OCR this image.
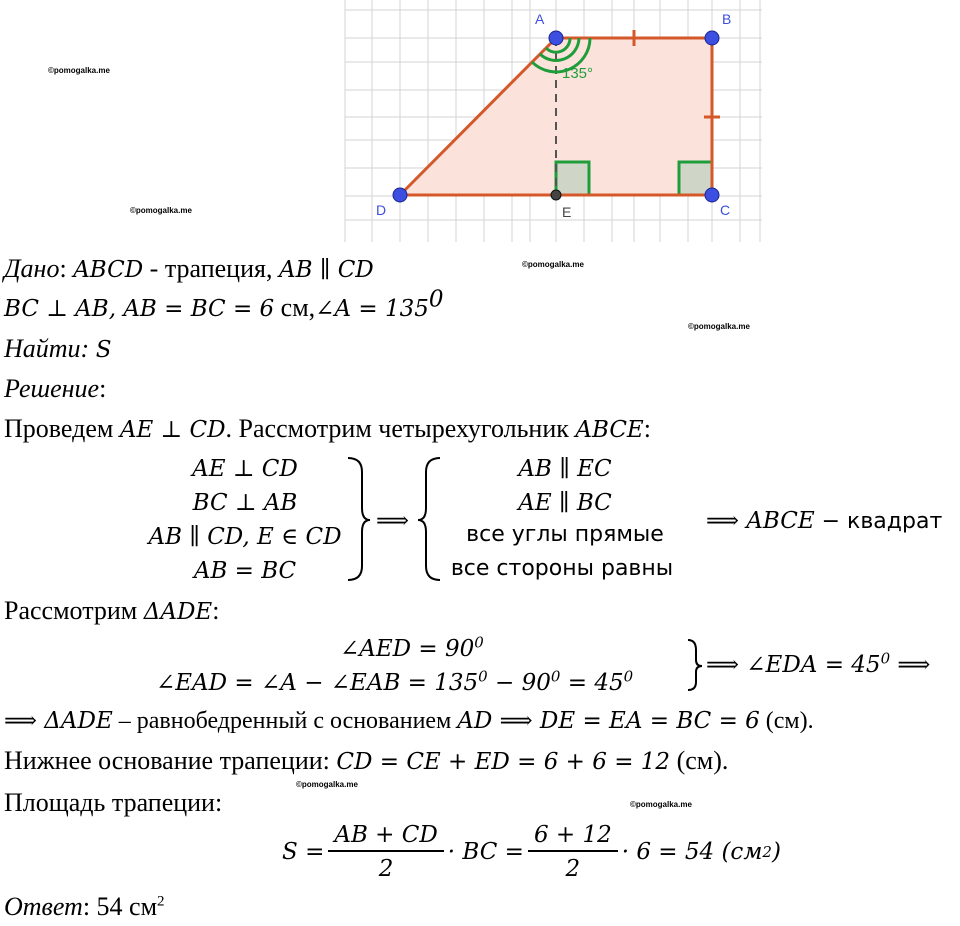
A	B
C
D	E
135°
©pomogalka.me
©pomogalka.me
©pomogalka.me
©pomogalka.me
©pomogalka.me
©pomogalka.me
Дано: ABCD - трапеция, AB ∥ CD
BC ⊥ AB, AB = BC = 6 см,∠A = $135^0$
Найти: S
Решение:
Проведем AE ⊥ CD. Рассмотрим четырехугольник ABCE:
AE ⊥ CD
BC ⊥ AB
AB ∥ CD, E ∈ CD
AB = BC
⟹
AB ∥ EC
AE ∥ BC
все углы прямые
все стороны равны
⟹ ABCE − квадрат
Рассмотрим ΔADE:
∠AED = $90^0$
∠EAD = ∠A − ∠EAB = $135^0 - 90^0 = 45^0$	⟹ ∠EDA = $45^0$ ⟹
⟹ ΔADE – равнобедренный с основанием AD ⟹ DE = EA = BC = 6 (см).
Нижнее основание трапеции: CD = CE + ED = 6 + 6 = 12 (см).
Площадь трапеции:
$S = \frac{AB + CD}{2}$ · BC = $\frac{6 + 12}{2} \cdot 6 = 54$ (см 2 )
Ответ: 54 $см^2$
